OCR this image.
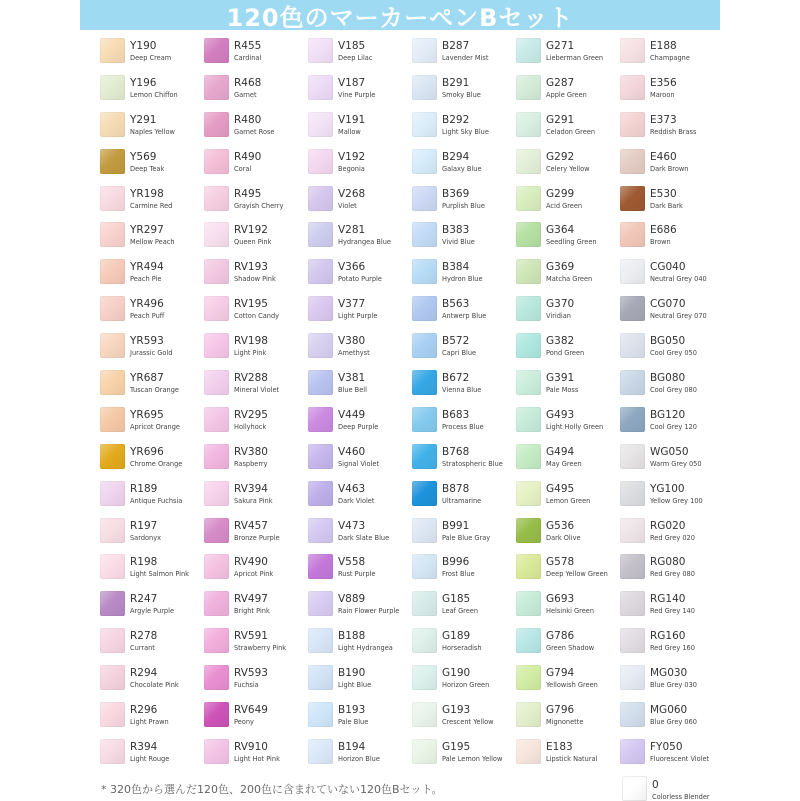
120色のマーカーペンBセット
Y190
Deep Cream
R455
Cardinal
V185
Deep Lilac
B287
Lavender Mist
G271
Lieberman Green
E188
Champagne
Y196
Lemon Chiffon
R468
Garnet
V187
Vine Purple
B291
Smoky Blue
G287
Apple Green
E356
Maroon
Y291
Naples Yellow
R480
Garnet Rose
V191
Mallow
B292
Light Sky Blue
G291
Celadon Green
E373
Reddish Brass
Y569
Deep Teak
R490
Coral
V192
Begonia
B294
Galaxy Blue
G292
Celery Yellow
E460
Dark Brown
YR198
Carmine Red
R495
Grayish Cherry
V268
Violet
B369
Purplish Blue
G299
Acid Green
E530
Dark Bark
YR297
Mellow Peach
RV192
Queen Pink
V281
Hydrangea Blue
B383
Vivid Blue
G364
Seedling Green
E686
Brown
YR494
Peach Pie
RV193
Shadow Pink
V366
Potato Purple
B384
Hydron Blue
G369
Matcha Green
CG040
Neutral Grey 040
YR496
Peach Puff
RV195
Cotton Candy
V377
Light Purple
B563
Antwerp Blue
G370
Viridian
CG070
Neutral Grey 070
YR593
Jurassic Gold
RV198
Light Pink
V380
Amethyst
B572
Capri Blue
G382
Pond Green
BG050
Cool Grey 050
YR687
Tuscan Orange
RV288
Mineral Violet
V381
Blue Bell
B672
Vienna Blue
G391
Pale Moss
BG080
Cool Grey 080
YR695
Apricot Orange
RV295
Hollyhock
V449
Deep Purple
B683
Process Blue
G493
Light Holly Green
BG120
Cool Grey 120
YR696
Chrome Orange
RV380
Raspberry
V460
Signal Violet
B768
Stratospheric Blue
G494
May Green
WG050
Warm Grey 050
R189
Antique Fuchsia
RV394
Sakura Pink
V463
Dark Violet
B878
Ultramarine
G495
Lemon Green
YG100
Yellow Grey 100
R197
Sardonyx
RV457
Bronze Purple
V473
Dark Slate Blue
B991
Pale Blue Gray
G536
Dark Olive
RG020
Red Grey 020
R198
Light Salmon Pink
RV490
Apricot Pink
V558
Rust Purple
B996
Frost Blue
G578
Deep Yellow Green
RG080
Red Grey 080
R247
Argyle Purple
RV497
Bright Pink
V889
Rain Flower Purple
G185
Leaf Green
G693
Helsinki Green
RG140
Red Grey 140
R278
Currant
RV591
Strawberry Pink
B188
Light Hydrangea
G189
Horseradish
G786
Green Shadow
RG160
Red Grey 160
R294
Chocolate Pink
RV593
Fuchsia
B190
Light Blue
G190
Horizon Green
G794
Yellowish Green
MG030
Blue Grey 030
R296
Light Prawn
RV649
Peony
B193
Pale Blue
G193
Crescent Yellow
G796
Mignonette
MG060
Blue Grey 060
R394
Light Rouge
RV910
Light Hot Pink
B194
Horizon Blue
G195
Pale Lemon Yellow
E183
Lipstick Natural
FY050
Fluorescent Violet
* 320色から選んだ120色、200色に含まれていない120色Bセット。	0
Colorless Blender
